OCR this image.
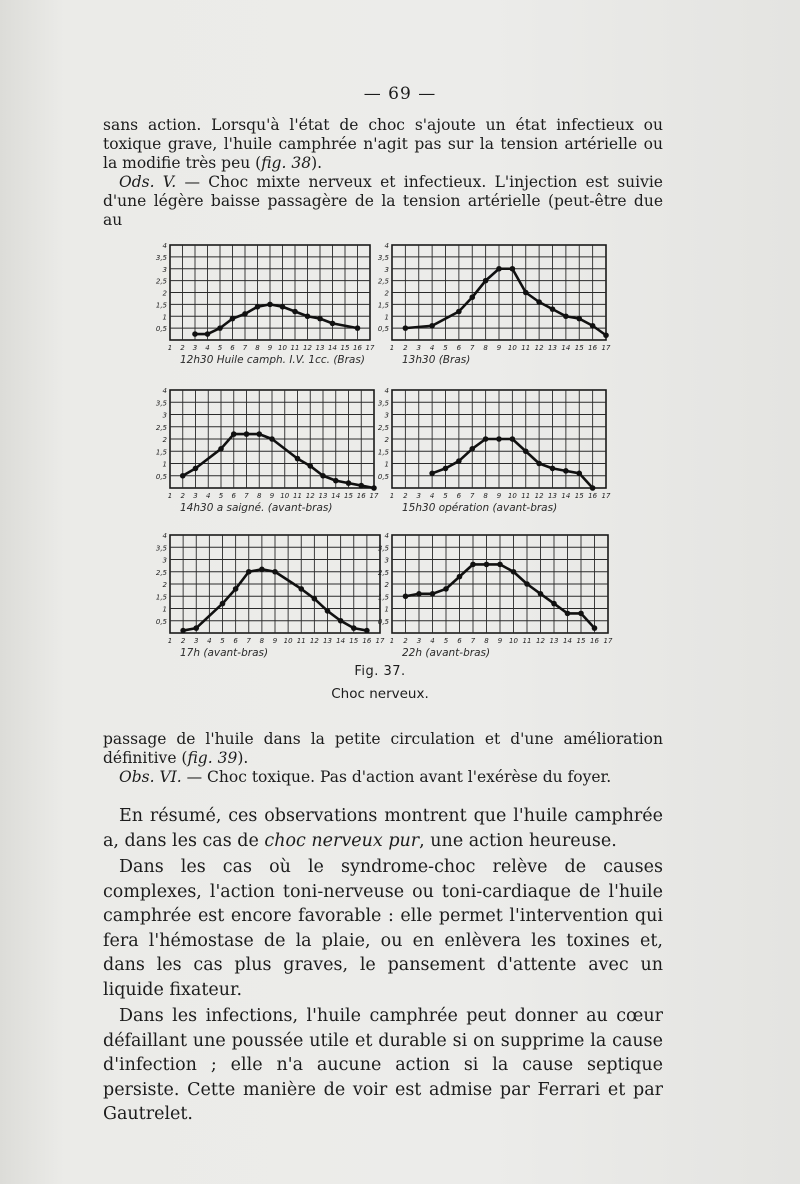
— 69 —

sans action. Lorsqu'à l'état de choc s'ajoute un état infectieux ou toxique grave, l'huile camphrée n'agit pas sur la tension artérielle ou la modifie très peu (fig. 38).

Ods. V. — Choc mixte nerveux et infectieux. L'injection est suivie d'une légère baisse passagère de la tension artérielle (peut-être due au

0,5
1
1,5
2
2,5
3
3,5
4
1 2 3 4 5 6 7 8 9 10 11 12 13 14 15 16 17
0,5
1
1,5
2
2,5
3
3,5
4
1 2 3 4 5 6 7 8 9 10 11 12 13 14 15 16 17
0,5
1
1,5
2
2,5
3
3,5
4
1 2 3 4 5 6 7 8 9 10 11 12 13 14 15 16 17
0,5
1
1,5
2
2,5
3
3,5
4
1 2 3 4 5 6 7 8 9 10 11 12 13 14 15 16 17
0,5
1
1,5
2
2,5
3
3,5
4
1 2 3 4 5 6 7 8 9 10 11 12 13 14 15 16 17
0,5
1
1,5
2
2,5
3
3,5
4
1 2 3 4 5 6 7 8 9 10 11 12 13 14 15 16 17
12h30 Huile camph. I.V. 1cc. (Bras)	13h30 (Bras)
14h30 a saigné. (avant-bras)	15h30 opération (avant-bras)
17h (avant-bras)	22h (avant-bras)
Fig. 37.
Choc nerveux.

passage de l'huile dans la petite circulation et d'une amélioration définitive (fig. 39).

Obs. VI. — Choc toxique. Pas d'action avant l'exérèse du foyer.

En résumé, ces observations montrent que l'huile camphrée a, dans les cas de choc nerveux pur, une action heureuse.

Dans les cas où le syndrome-choc relève de causes complexes, l'action toni-nerveuse ou toni-cardiaque de l'huile camphrée est encore favorable : elle permet l'intervention qui fera l'hémostase de la plaie, ou en enlèvera les toxines et, dans les cas plus graves, le pansement d'attente avec un liquide fixateur.

Dans les infections, l'huile camphrée peut donner au cœur défaillant une poussée utile et durable si on supprime la cause d'infection ; elle n'a aucune action si la cause septique persiste. Cette manière de voir est admise par Ferrari et par Gautrelet.
